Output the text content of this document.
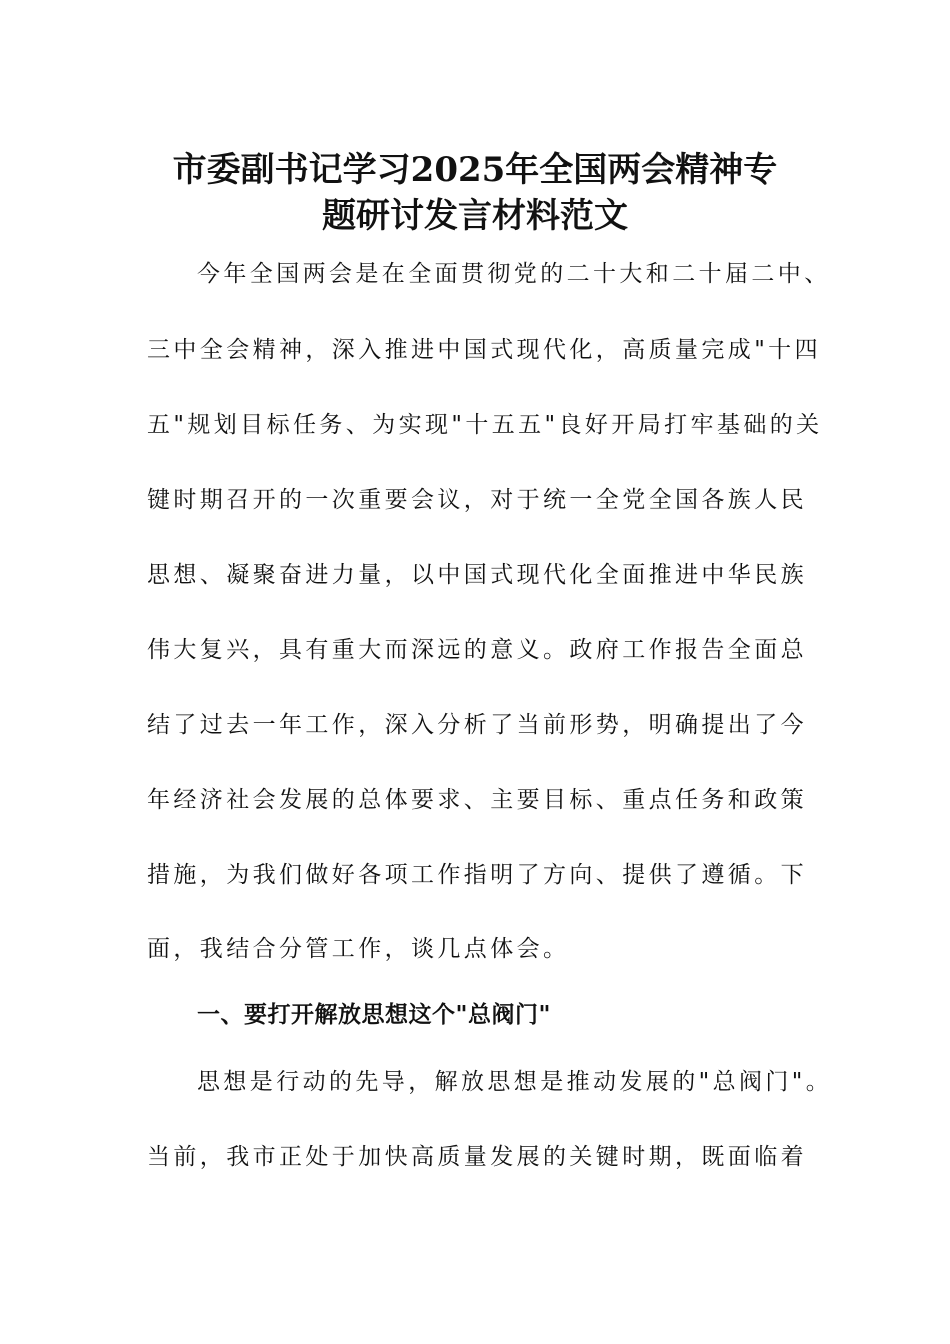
市委副书记学习2025年全国两会精神专
题研讨发言材料范文

今年全国两会是在全面贯彻党的二十大和二十届二中、

三中全会精神，深入推进中国式现代化，高质量完成"十四

五"规划目标任务、为实现"十五五"良好开局打牢基础的关

键时期召开的一次重要会议，对于统一全党全国各族人民

思想、凝聚奋进力量，以中国式现代化全面推进中华民族

伟大复兴，具有重大而深远的意义。政府工作报告全面总

结了过去一年工作，深入分析了当前形势，明确提出了今

年经济社会发展的总体要求、主要目标、重点任务和政策

措施，为我们做好各项工作指明了方向、提供了遵循。下

面，我结合分管工作，谈几点体会。

一、要打开解放思想这个"总阀门"

思想是行动的先导，解放思想是推动发展的"总阀门"。

当前，我市正处于加快高质量发展的关键时期，既面临着
